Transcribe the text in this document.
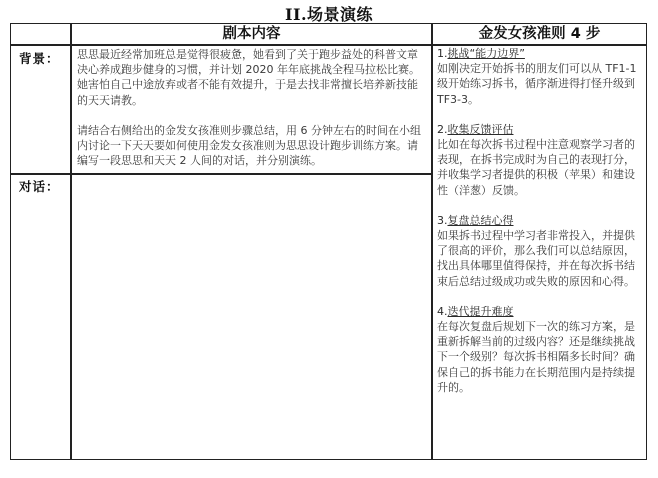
II.场景演练
剧本内容	金发女孩准则 4 步
背景： 思思最近经常加班总是觉得很疲惫，她看到了关于跑步益处的科普文章决心养成跑步健身的习惯，并计划 2020 年年底挑战全程马拉松比赛。她害怕自己中途放弃或者不能有效提升，于是去找非常擅长培养新技能的天天请教。

请结合右侧给出的金发女孩准则步骤总结，用 6 分钟左右的时间在小组内讨论一下天天要如何使用金发女孩准则为思思设计跑步训练方案。请编写一段思思和天天 2 人间的对话，并分别演练。

对话：

1.挑战“能力边界”

如刚决定开始拆书的朋友们可以从 TF1-1 级开始练习拆书，循序渐进得打怪升级到 TF3-3。

2.收集反馈评估

比如在每次拆书过程中注意观察学习者的表现，在拆书完成时为自己的表现打分，并收集学习者提供的积极（苹果）和建设性（洋葱）反馈。

3.复盘总结心得

如果拆书过程中学习者非常投入，并提供了很高的评价，那么我们可以总结原因，找出具体哪里值得保持，并在每次拆书结束后总结过级成功或失败的原因和心得。

4.迭代提升难度

在每次复盘后规划下一次的练习方案，是重新拆解当前的过级内容？还是继续挑战下一个级别？每次拆书相隔多长时间？确保自己的拆书能力在长期范围内是持续提升的。
